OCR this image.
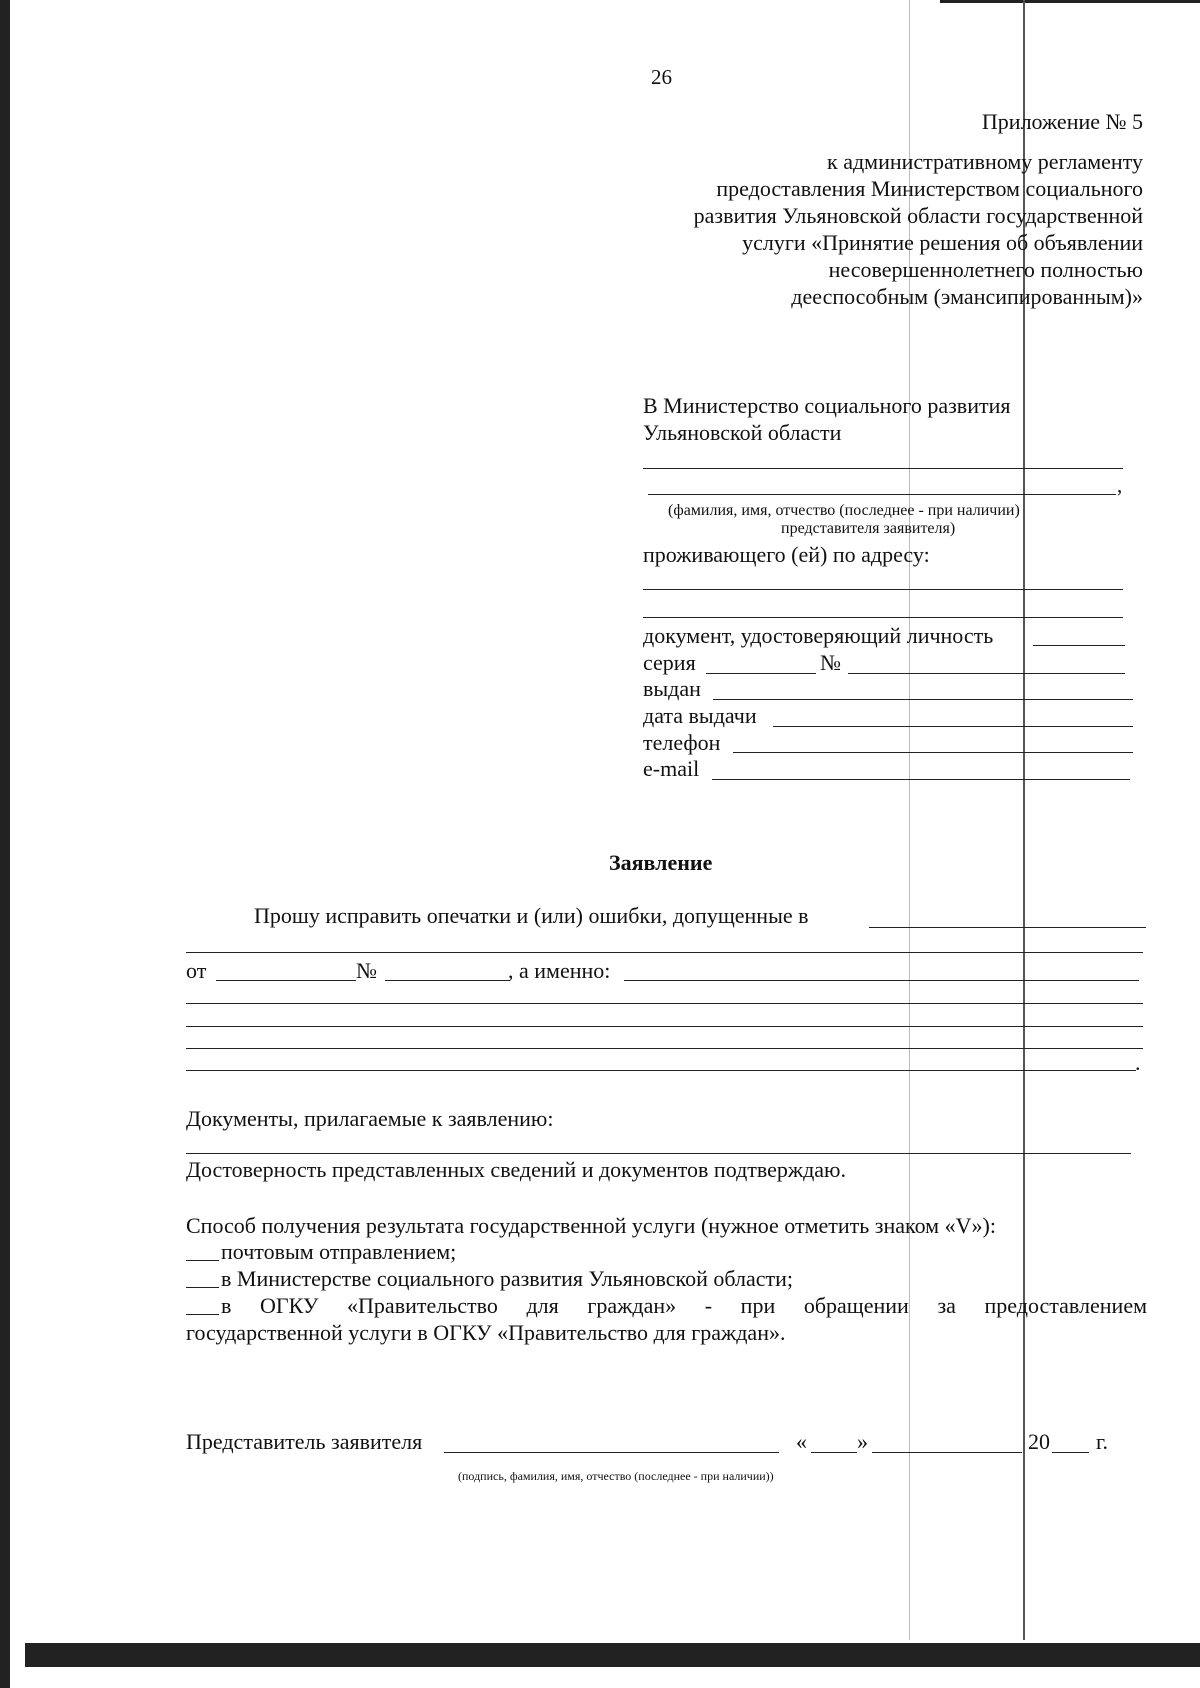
26
Приложение № 5
к административному регламенту
предоставления Министерством социального
развития Ульяновской области государственной
услуги «Принятие решения об объявлении
несовершеннолетнего полностью
дееспособным (эмансипированным)»
В Министерство социального развития
Ульяновской области
,
(фамилия, имя, отчество (последнее - при наличии)
представителя заявителя)
проживающего (ей) по адресу:
документ, удостоверяющий личность
серия	№
выдан
дата выдачи
телефон
e-mail
Заявление
Прошу исправить опечатки и (или) ошибки, допущенные в
от	№	, а именно:
.
Документы, прилагаемые к заявлению:
Достоверность представленных сведений и документов подтверждаю.
Способ получения результата государственной услуги (нужное отметить знаком «V»):
почтовым отправлением;
в Министерстве социального развития Ульяновской области;
в ОГКУ «Правительство для граждан» - при обращении за предоставлением
государственной услуги в ОГКУ «Правительство для граждан».
Представитель заявителя	« »	20 г.
(подпись, фамилия, имя, отчество (последнее - при наличии))
